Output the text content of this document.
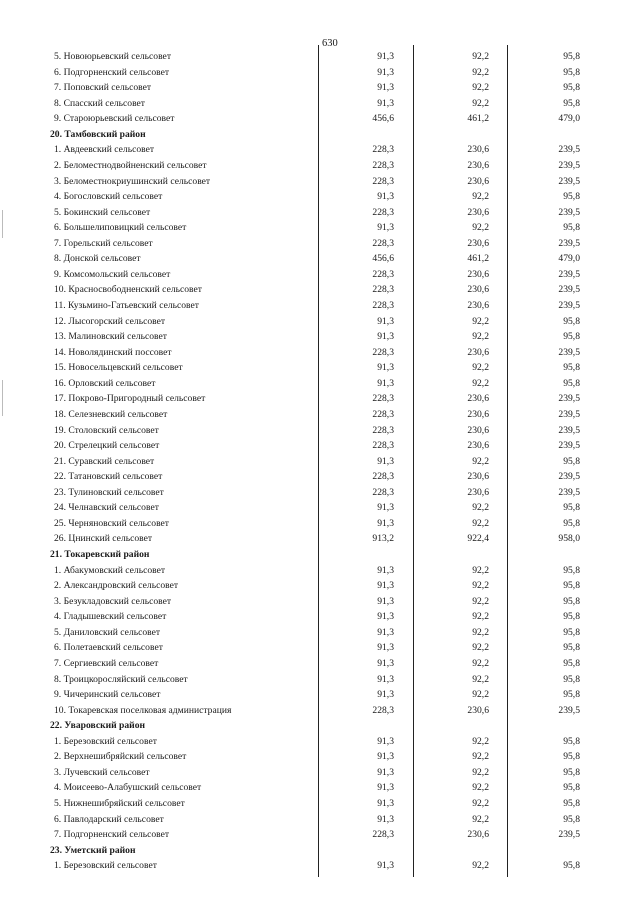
630
5. Новоюрьевский сельсовет	91,3	92,2	95,8
6. Подгорненский сельсовет	91,3	92,2	95,8
7. Поповский сельсовет	91,3	92,2	95,8
8. Спасский сельсовет	91,3	92,2	95,8
9. Староюрьевский сельсовет	456,6	461,2	479,0
20. Тамбовский район
1. Авдеевский сельсовет	228,3	230,6	239,5
2. Беломестнодвойненский сельсовет	228,3	230,6	239,5
3. Беломестнокриушинский сельсовет	228,3	230,6	239,5
4. Богословский сельсовет	91,3	92,2	95,8
5. Бокинский сельсовет	228,3	230,6	239,5
6. Большелиповицкий сельсовет	91,3	92,2	95,8
7. Горельский сельсовет	228,3	230,6	239,5
8. Донской сельсовет	456,6	461,2	479,0
9. Комсомольский сельсовет	228,3	230,6	239,5
10. Красносвободненский сельсовет	228,3	230,6	239,5
11. Кузьмино-Гатьевский сельсовет	228,3	230,6	239,5
12. Лысогорский сельсовет	91,3	92,2	95,8
13. Малиновский сельсовет	91,3	92,2	95,8
14. Новолядинский поссовет	228,3	230,6	239,5
15. Новосельцевский сельсовет	91,3	92,2	95,8
16. Орловский сельсовет	91,3	92,2	95,8
17. Покрово-Пригородный сельсовет	228,3	230,6	239,5
18. Селезневский сельсовет	228,3	230,6	239,5
19. Столовский сельсовет	228,3	230,6	239,5
20. Стрелецкий сельсовет	228,3	230,6	239,5
21. Суравский сельсовет	91,3	92,2	95,8
22. Татановский сельсовет	228,3	230,6	239,5
23. Тулиновский сельсовет	228,3	230,6	239,5
24. Челнавский сельсовет	91,3	92,2	95,8
25. Черняновский сельсовет	91,3	92,2	95,8
26. Цнинский сельсовет	913,2	922,4	958,0
21. Токаревский район
1. Абакумовский сельсовет	91,3	92,2	95,8
2. Александровский сельсовет	91,3	92,2	95,8
3. Безукладовский сельсовет	91,3	92,2	95,8
4. Гладышевский сельсовет	91,3	92,2	95,8
5. Даниловский сельсовет	91,3	92,2	95,8
6. Полетаевский сельсовет	91,3	92,2	95,8
7. Сергиевский сельсовет	91,3	92,2	95,8
8. Троицкоросляйский сельсовет	91,3	92,2	95,8
9. Чичеринский сельсовет	91,3	92,2	95,8
10. Токаревская поселковая администрация	228,3	230,6	239,5
22. Уваровский район
1. Березовский сельсовет	91,3	92,2	95,8
2. Верхнешибряйский сельсовет	91,3	92,2	95,8
3. Лучевский сельсовет	91,3	92,2	95,8
4. Моисеево-Алабушский сельсовет	91,3	92,2	95,8
5. Нижнешибряйский сельсовет	91,3	92,2	95,8
6. Павлодарский сельсовет	91,3	92,2	95,8
7. Подгорненский сельсовет	228,3	230,6	239,5
23. Уметский район
1. Березовский сельсовет	91,3	92,2	95,8
